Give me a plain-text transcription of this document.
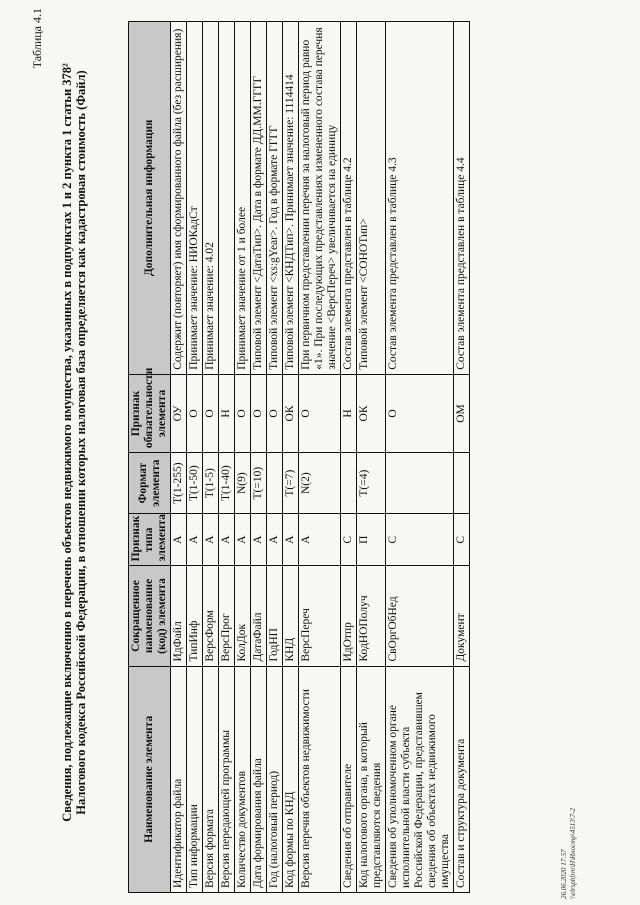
Таблица 4.1
Сведения, подлежащие включению в перечень объектов недвижимого имущества, указанных в подпунктах 1 и 2 пункта 1 статьи 378² Налогового кодекса Российской Федерации, в отношении которых налоговая база определяется как кадастровая стоимость (Файл)	Наименование элемента	Сокращенное наименование (код) элемента	Признак типа элемента	Формат элемента	Признак обязательности элемента	Дополнительная информация
Идентификатор файла	ИдФайл	А	T(1-255)	ОУ	Содержит (повторяет) имя сформированного файла (без расширения)
Тип информации	ТипИнф	А	T(1-50)	О	Принимает значение: НИОКадСт
Версия формата	ВерсФорм	А	T(1-5)	О	Принимает значение: 4.02
Версия передающей программы	ВерсПрог	А	T(1-40)	Н	
Количество документов	КолДок	А	N(9)	О	Принимает значение от 1 и более
Дата формирования файла	ДатаФайл	А	T(=10)	О	Типовой элемент <ДатаТип>. Дата в формате ДД.ММ.ГГГГ
Год (налоговый период)	ГодНП	А		О	Типовой элемент <xs:gYear>. Год в формате ГГГГ
Код формы по КНД	КНД	А	T(=7)	ОК	Типовой элемент <КНДТип>. Принимает значение: 1114414
Версия перечня объектов недвижимости	ВерсПереч	А	N(2)	О	При первичном представлении перечня за налоговый период равно «1». При последующих представлениях измененного состава перечня значение <ВерсПереч> увеличивается на единицу
Сведения об отправителе	ИдОтпр	С		Н	Состав элемента представлен в таблице 4.2
Код налогового органа, в который представляются сведения	КодНОПолуч	П	T(=4)	ОК	Типовой элемент <СОНОТип>
Сведения об уполномоченном органе исполнительной власти субъекта Российской Федерации, представившем сведения об объектах недвижимого имущества	СвОргОбНед	С		О	Состав элемента представлен в таблице 4.3
Состав и структура документа	Документ	С		ОМ	Состав элемента представлен в таблице 4.4
26.06.2020 17:57 \\elrspbfrm\H\Иностр\4513\7-2
